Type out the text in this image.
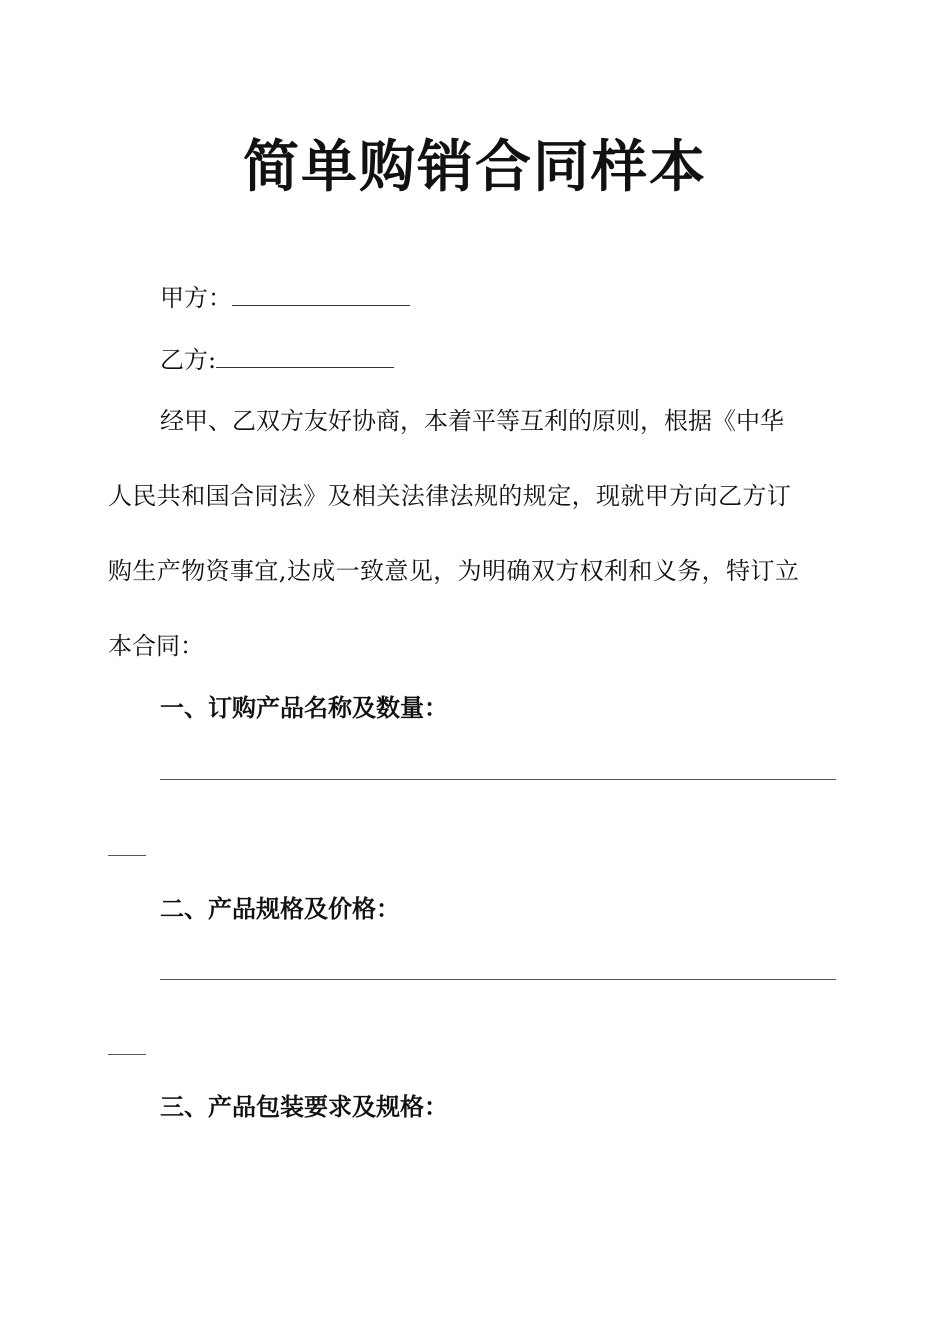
简单购销合同样本
甲方：
乙方:
经甲、乙双方友好协商，本着平等互利的原则，根据《中华
人民共和国合同法》及相关法律法规的规定，现就甲方向乙方订
购生产物资事宜,达成一致意见，为明确双方权利和义务，特订立
本合同：
一、订购产品名称及数量：
二、产品规格及价格：
三、产品包装要求及规格：
